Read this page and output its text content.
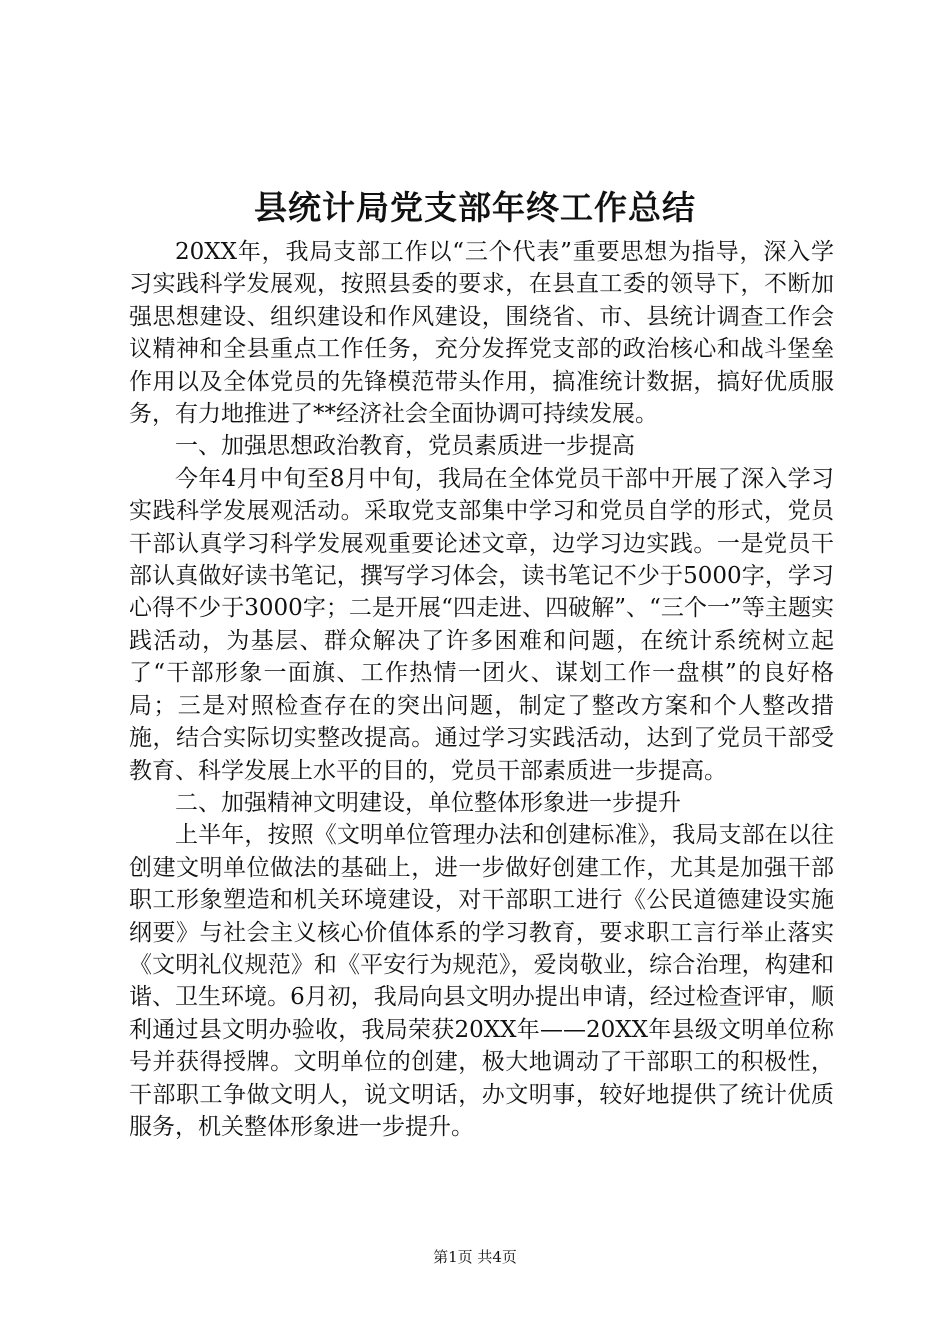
县统计局党支部年终工作总结

20XX年，我局支部工作以“三个代表”重要思想为指导，深入学习实践科学发展观，按照县委的要求，在县直工委的领导下，不断加强思想建设、组织建设和作风建设，围绕省、市、县统计调查工作会议精神和全县重点工作任务，充分发挥党支部的政治核心和战斗堡垒作用以及全体党员的先锋模范带头作用，搞准统计数据，搞好优质服务，有力地推进了**经济社会全面协调可持续发展。

一、加强思想政治教育，党员素质进一步提高

今年4月中旬至8月中旬，我局在全体党员干部中开展了深入学习实践科学发展观活动。采取党支部集中学习和党员自学的形式，党员干部认真学习科学发展观重要论述文章，边学习边实践。一是党员干部认真做好读书笔记，撰写学习体会，读书笔记不少于5000字，学习心得不少于3000字；二是开展“四走进、四破解”、“三个一”等主题实践活动，为基层、群众解决了许多困难和问题，在统计系统树立起了“干部形象一面旗、工作热情一团火、谋划工作一盘棋”的良好格局；三是对照检查存在的突出问题，制定了整改方案和个人整改措施，结合实际切实整改提高。通过学习实践活动，达到了党员干部受教育、科学发展上水平的目的，党员干部素质进一步提高。

二、加强精神文明建设，单位整体形象进一步提升

上半年，按照《文明单位管理办法和创建标准》，我局支部在以往创建文明单位做法的基础上，进一步做好创建工作，尤其是加强干部职工形象塑造和机关环境建设，对干部职工进行《公民道德建设实施纲要》与社会主义核心价值体系的学习教育，要求职工言行举止落实《文明礼仪规范》和《平安行为规范》，爱岗敬业，综合治理，构建和谐、卫生环境。6月初，我局向县文明办提出申请，经过检查评审，顺利通过县文明办验收，我局荣获20XX年——20XX年县级文明单位称号并获得授牌。文明单位的创建，极大地调动了干部职工的积极性，干部职工争做文明人，说文明话，办文明事，较好地提供了统计优质服务，机关整体形象进一步提升。

第1页 共4页
